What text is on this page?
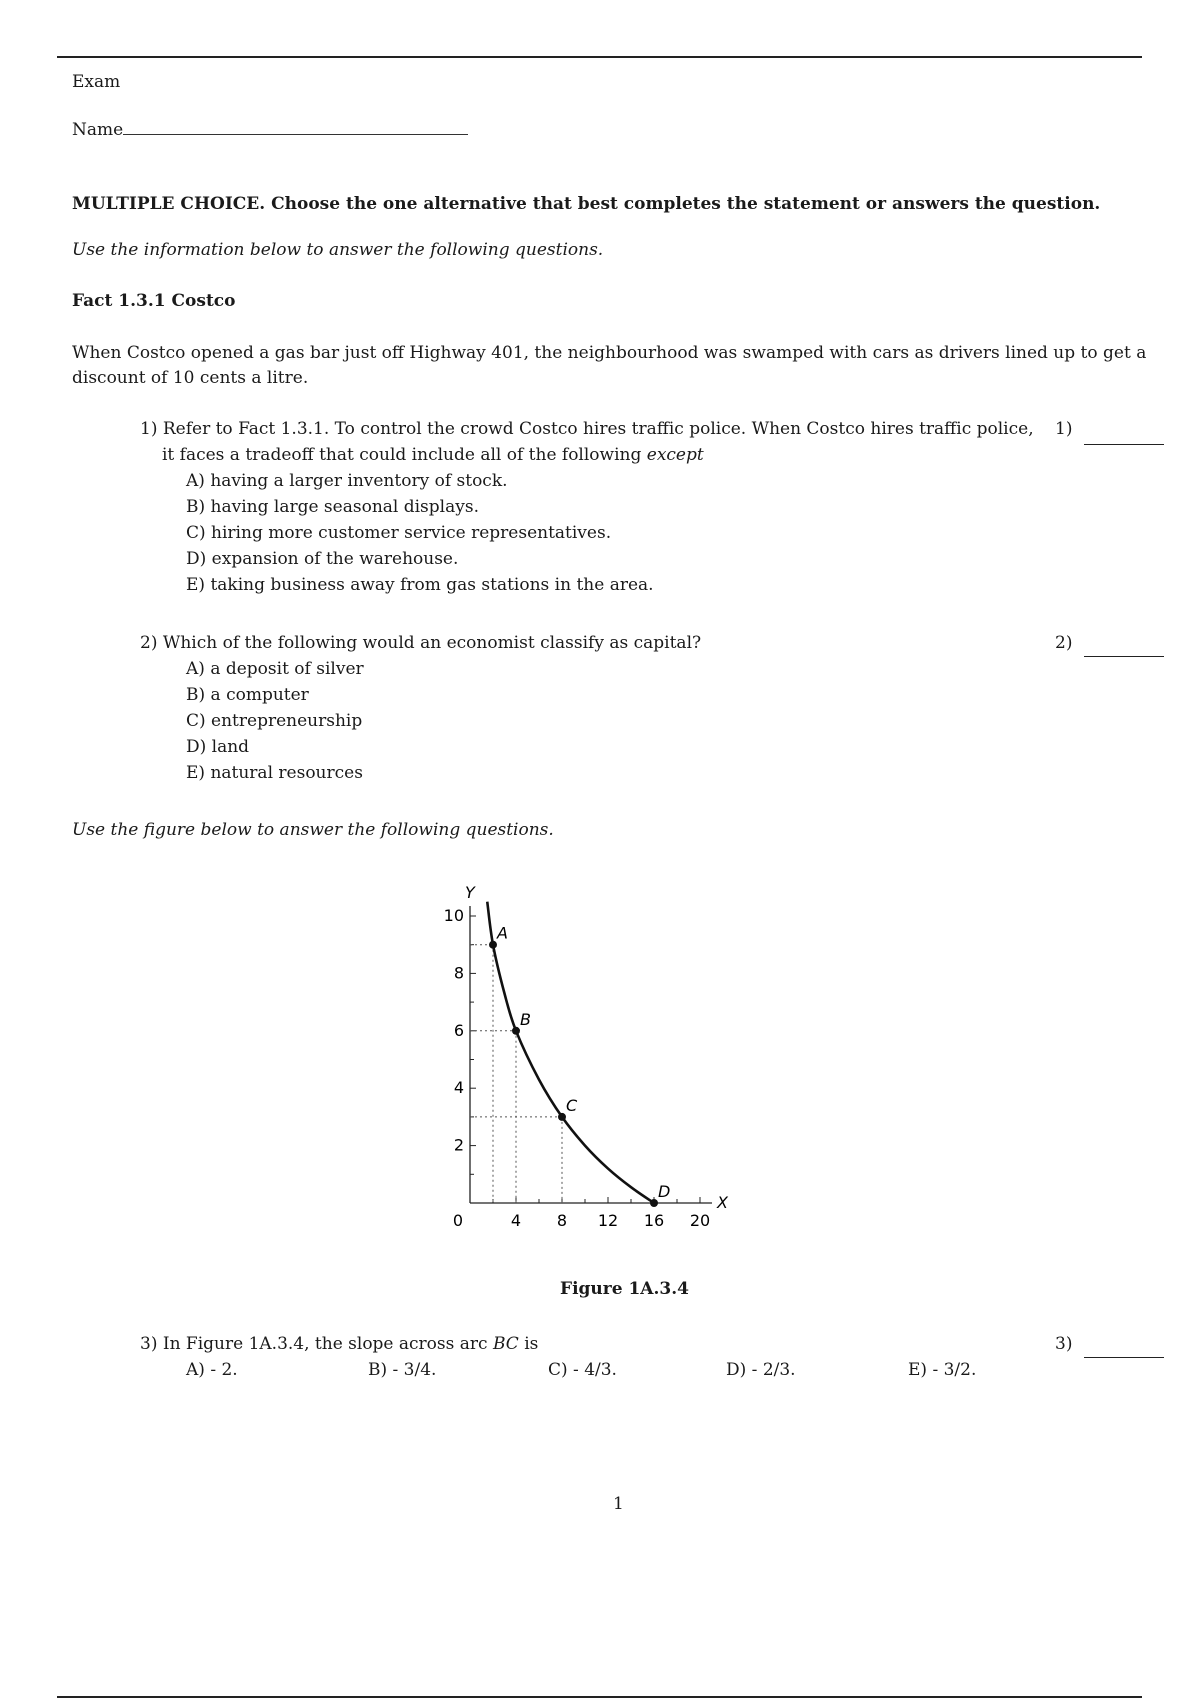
Exam
Name
MULTIPLE CHOICE. Choose the one alternative that best completes the statement or answers the question.
Use the information below to answer the following questions.
Fact 1.3.1 Costco
When Costco opened a gas bar just off Highway 401, the neighbourhood was swamped with cars as drivers lined up to get a discount of 10 cents a litre.
1) Refer to Fact 1.3.1. To control the crowd Costco hires traffic police. When Costco hires traffic police,
it faces a tradeoff that could include all of the following except
1)
A) having a larger inventory of stock.
B) having large seasonal displays.
C) hiring more customer service representatives.
D) expansion of the warehouse.
E) taking business away from gas stations in the area.
2) Which of the following would an economist classify as capital?	2)
A) a deposit of silver
B) a computer
C) entrepreneurship
D) land
E) natural resources
Use the figure below to answer the following questions.
X
Y
0	4 8 12 16 20
2
4
6
8
10
A
B
C
D
Figure 1A.3.4
3) In Figure 1A.3.4, the slope across arc BC is	3)
A) - 2.	B) - 3/4.	C) - 4/3.	D) - 2/3.	E) - 3/2.
1
